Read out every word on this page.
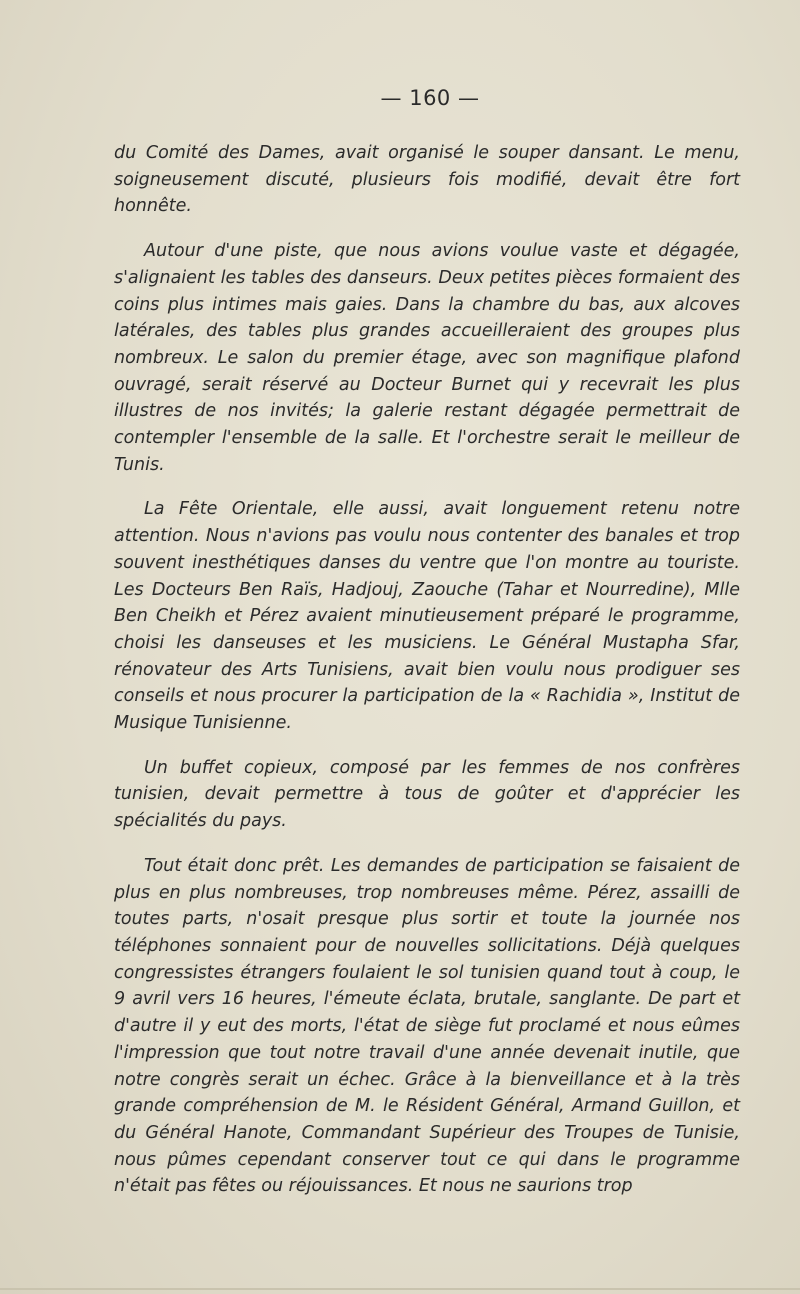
— 160 —

du Comité des Dames, avait organisé le souper dansant. Le menu, soigneusement discuté, plusieurs fois modifié, devait être fort honnête.

Autour d'une piste, que nous avions voulue vaste et dégagée, s'alignaient les tables des danseurs. Deux petites pièces formaient des coins plus intimes mais gaies. Dans la chambre du bas, aux alcoves latérales, des tables plus grandes accueilleraient des groupes plus nombreux. Le salon du premier étage, avec son magnifique plafond ouvragé, serait réservé au Docteur Burnet qui y recevrait les plus illustres de nos invités; la galerie restant dégagée permettrait de contempler l'ensemble de la salle. Et l'orchestre serait le meilleur de Tunis.

La Fête Orientale, elle aussi, avait longuement retenu notre attention. Nous n'avions pas voulu nous contenter des banales et trop souvent inesthétiques danses du ventre que l'on montre au touriste. Les Docteurs Ben Raïs, Hadjouj, Zaouche (Tahar et Nourredine), Mlle Ben Cheikh et Pérez avaient minutieusement préparé le programme, choisi les danseuses et les musiciens. Le Général Mustapha Sfar, rénovateur des Arts Tunisiens, avait bien voulu nous prodiguer ses conseils et nous procurer la participation de la « Rachidia », Institut de Musique Tunisienne.

Un buffet copieux, composé par les femmes de nos confrères tunisien, devait permettre à tous de goûter et d'apprécier les spécialités du pays.

Tout était donc prêt. Les demandes de participation se faisaient de plus en plus nombreuses, trop nombreuses même. Pérez, assailli de toutes parts, n'osait presque plus sortir et toute la journée nos téléphones sonnaient pour de nouvelles sollicitations. Déjà quelques congressistes étrangers foulaient le sol tunisien quand tout à coup, le 9 avril vers 16 heures, l'émeute éclata, brutale, sanglante. De part et d'autre il y eut des morts, l'état de siège fut proclamé et nous eûmes l'impression que tout notre travail d'une année devenait inutile, que notre congrès serait un échec. Grâce à la bienveillance et à la très grande compréhension de M. le Résident Général, Armand Guillon, et du Général Hanote, Commandant Supérieur des Troupes de Tunisie, nous pûmes cependant conserver tout ce qui dans le programme n'était pas fêtes ou réjouissances. Et nous ne saurions trop
